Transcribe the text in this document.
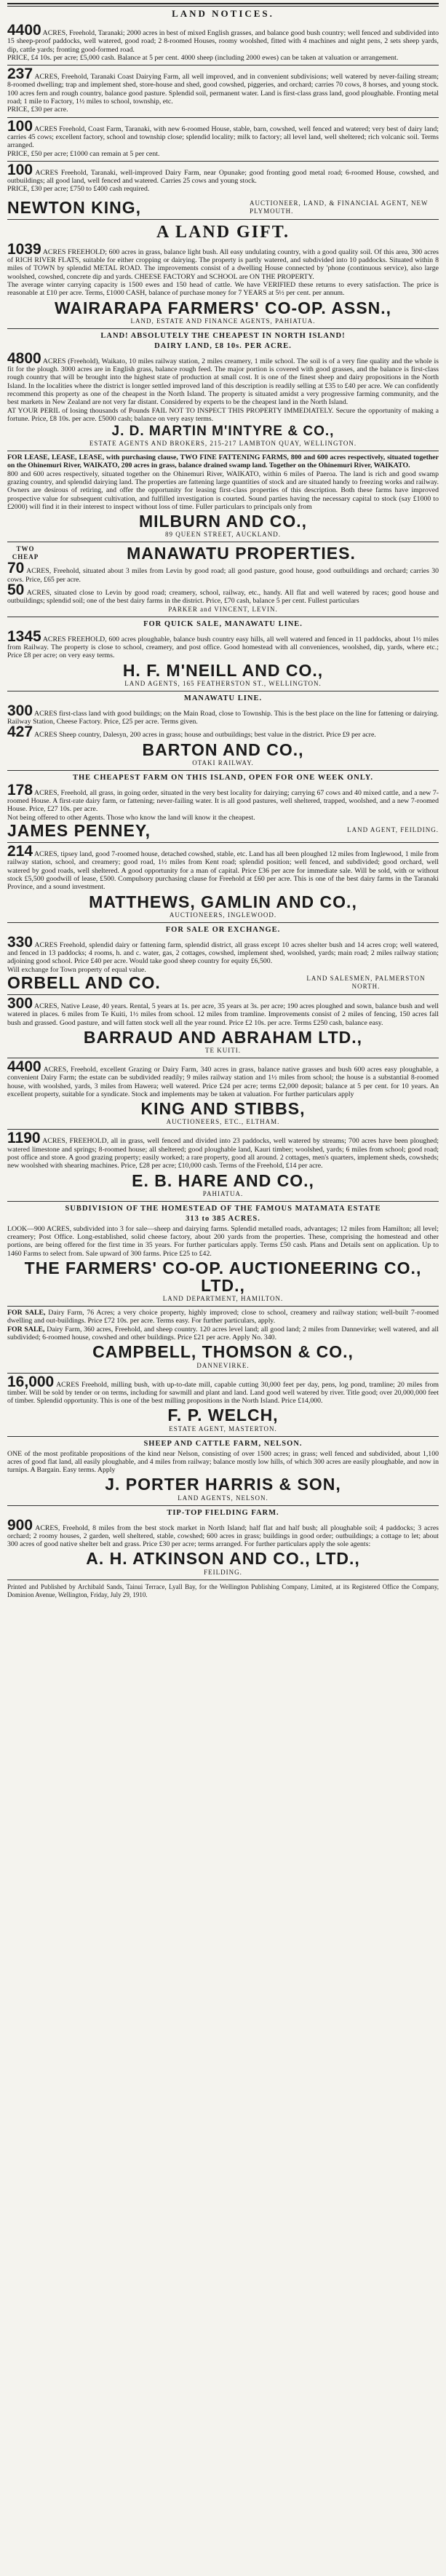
LAND NOTICES.

4400 ACRES, Freehold, Taranaki; 2000 acres in best of mixed English grasses, and balance good bush country; well fenced and subdivided into 15 sheep-proof paddocks, well watered, good road; 2 8-roomed Houses, roomy woolshed, fitted with 4 machines and night pens, 2 sets sheep yards, dip, cattle yards; fronting good-formed road.

PRICE, £4 10s. per acre; £5,000 cash. Balance at 5 per cent. 4000 sheep (including 2000 ewes) can be taken at valuation or arrangement.

237 ACRES, Freehold, Taranaki Coast Dairying Farm, all well improved, and in convenient subdivisions; well watered by never-failing stream; 8-roomed dwelling; trap and implement shed, store-house and shed, good cowshed, piggeries, and orchard; carries 70 cows, 8 horses, and young stock. 100 acres fern and rough country, balance good pasture. Splendid soil, permanent water. Land is first-class grass land, good ploughable. Fronting metal road; 1 mile to Factory, 1½ miles to school, township, etc.

PRICE, £30 per acre.

100 ACRES Freehold, Coast Farm, Taranaki, with new 6-roomed House, stable, barn, cowshed, well fenced and watered; very best of dairy land; carries 45 cows; excellent factory, school and township close; splendid locality; milk to factory; all level land, well sheltered; rich volcanic soil. Terms arranged.

PRICE, £50 per acre; £1000 can remain at 5 per cent.

100 ACRES Freehold, Taranaki, well-improved Dairy Farm, near Opunake; good fronting good metal road; 6-roomed House, cowshed, and outbuildings; all good land, well fenced and watered. Carries 25 cows and young stock.

PRICE, £30 per acre; £750 to £400 cash required.

NEWTON KING,	AUCTIONEER, LAND, & FINANCIAL AGENT, NEW PLYMOUTH.
A LAND GIFT.

1039 ACRES FREEHOLD; 600 acres in grass, balance light bush. All easy undulating country, with a good quality soil. Of this area, 300 acres of RICH RIVER FLATS, suitable for either cropping or dairying. The property is partly watered, and subdivided into 10 paddocks. Situated within 8 miles of TOWN by splendid METAL ROAD. The improvements consist of a dwelling House connected by 'phone (continuous service), also large woolshed, cowshed, concrete dip and yards. CHEESE FACTORY and SCHOOL are ON THE PROPERTY.

The average winter carrying capacity is 1500 ewes and 150 head of cattle. We have VERIFIED these returns to every satisfaction. The price is reasonable at £10 per acre. Terms, £1000 CASH, balance of purchase money for 7 YEARS at 5½ per cent. per annum.

WAIRARAPA FARMERS' CO-OP. ASSN.,
LAND, ESTATE AND FINANCE AGENTS, PAHIATUA.
LAND! ABSOLUTELY THE CHEAPEST IN NORTH ISLAND!
DAIRY LAND, £8 10s. PER ACRE.

4800 ACRES (Freehold), Waikato, 10 miles railway station, 2 miles creamery, 1 mile school. The soil is of a very fine quality and the whole is fit for the plough. 3000 acres are in English grass, balance rough feed. The major portion is covered with good grasses, and the balance is first-class rough country that will be brought into the highest state of production at small cost. It is one of the finest sheep and dairy propositions in the North Island. In the localities where the district is longer settled improved land of this description is readily selling at £35 to £40 per acre. We can confidently recommend this property as one of the cheapest in the North Island. The property is situated amidst a very progressive farming community, and the best markets in New Zealand are not very far distant. Considered by experts to be the cheapest land in the North Island.

AT YOUR PERIL of losing thousands of Pounds FAIL NOT TO INSPECT THIS PROPERTY IMMEDIATELY. Secure the opportunity of making a fortune. Price, £8 10s. per acre. £5000 cash; balance on very easy terms.

J. D. MARTIN M'INTYRE & CO.,
ESTATE AGENTS AND BROKERS, 215-217 LAMBTON QUAY, WELLINGTON.

FOR LEASE, LEASE, LEASE, with purchasing clause, TWO FINE FATTENING FARMS, 800 and 600 acres respectively, situated together on the Ohinemuri River, WAIKATO, 200 acres in grass, balance drained swamp land. Together on the Ohinemuri River, WAIKATO.

800 and 600 acres respectively, situated together on the Ohinemuri River, WAIKATO, within 6 miles of Paeroa. The land is rich and good swamp grazing country, and splendid dairying land. The properties are fattening large quantities of stock and are situated handy to freezing works and railway. Owners are desirous of retiring, and offer the opportunity for leasing first-class properties of this description. Both these farms have improved prospective value for subsequent cultivation, and fulfilled investigation is courted. Sound parties having the necessary capital to stock (say £1000 to £2000) will find it in their interest to inspect without loss of time. Fuller particulars to principals only from

MILBURN AND CO.,
89 QUEEN STREET, AUCKLAND.
TWO CHEAP	MANAWATU PROPERTIES.

70 ACRES, Freehold, situated about 3 miles from Levin by good road; all good pasture, good house, good outbuildings and orchard; carries 30 cows. Price, £65 per acre.

50 ACRES, situated close to Levin by good road; creamery, school, railway, etc., handy. All flat and well watered by races; good house and outbuildings; splendid soil; one of the best dairy farms in the district. Price, £70 cash, balance 5 per cent. Fullest particulars

PARKER and VINCENT, LEVIN.
FOR QUICK SALE, MANAWATU LINE.

1345 ACRES FREEHOLD, 600 acres ploughable, balance bush country easy hills, all well watered and fenced in 11 paddocks, about 1½ miles from Railway. The property is close to school, creamery, and post office. Good homestead with all conveniences, woolshed, dip, yards, where etc.; Price £8 per acre; on very easy terms.

H. F. M'NEILL AND CO.,
LAND AGENTS, 165 FEATHERSTON ST., WELLINGTON.
MANAWATU LINE.

300 ACRES first-class land with good buildings; on the Main Road, close to Township. This is the best place on the line for fattening or dairying. Railway Station, Cheese Factory. Price, £25 per acre. Terms given.

427 ACRES Sheep country, Dalesyn, 200 acres in grass; house and outbuildings; best value in the district. Price £9 per acre.

BARTON AND CO.,
OTAKI RAILWAY.
THE CHEAPEST FARM ON THIS ISLAND, OPEN FOR ONE WEEK ONLY.

178 ACRES, Freehold, all grass, in going order, situated in the very best locality for dairying; carrying 67 cows and 40 mixed cattle, and a new 7-roomed House. A first-rate dairy farm, or fattening; never-failing water. It is all good pastures, well sheltered, trapped, woolshed, and a new 7-roomed House. Price, £27 10s. per acre.

Not being offered to other Agents. Those who know the land will know it the cheapest.

JAMES PENNEY,	LAND AGENT, FEILDING.

214 ACRES, tipsey land, good 7-roomed house, detached cowshed, stable, etc. Land has all been ploughed 12 miles from Inglewood, 1 mile from railway station, school, and creamery; good road, 1½ miles from Kent road; splendid position; well fenced, and subdivided; good orchard, well watered by good roads, well sheltered. A good opportunity for a man of capital. Price £36 per acre for immediate sale. Will be sold, with or without stock £5,500 goodwill of lease, £500. Compulsory purchasing clause for Freehold at £60 per acre. This is one of the best dairy farms in the Taranaki Province, and a sound investment.

MATTHEWS, GAMLIN AND CO.,
AUCTIONEERS, INGLEWOOD.
FOR SALE OR EXCHANGE.

330 ACRES Freehold, splendid dairy or fattening farm, splendid district, all grass except 10 acres shelter bush and 14 acres crop; well watered, and fenced in 13 paddocks; 4 rooms, h. and c. water, gas, 2 cottages, cowshed, implement shed, woolshed, yards; main road; 2 miles railway station; adjoining good school. Price £40 per acre. Would take good sheep country for equity £6,500.

Will exchange for Town property of equal value.

ORBELL AND CO.	LAND SALESMEN, PALMERSTON NORTH.

300 ACRES, Native Lease, 40 years. Rental, 5 years at 1s. per acre, 35 years at 3s. per acre; 190 acres ploughed and sown, balance bush and well watered in places. 6 miles from Te Kuiti, 1½ miles from school. 12 miles from tramline. Improvements consist of 2 miles of fencing, 150 acres fall bush and grassed. Good pasture, and will fatten stock well all the year round. Price £2 10s. per acre. Terms £250 cash, balance easy.

BARRAUD AND ABRAHAM LTD.,
TE KUITI.

4400 ACRES, Freehold, excellent Grazing or Dairy Farm, 340 acres in grass, balance native grasses and bush 600 acres easy ploughable, a convenient Dairy Farm; the estate can be subdivided readily; 9 miles railway station and 1½ miles from school; the house is a substantial 8-roomed house, with woolshed, yards, 3 miles from Hawera; well watered. Price £24 per acre; terms £2,000 deposit; balance at 5 per cent. for 10 years. An excellent property, suitable for a syndicate. Stock and implements may be taken at valuation. For further particulars apply

KING AND STIBBS,
AUCTIONEERS, ETC., ELTHAM.

1190 ACRES, FREEHOLD, all in grass, well fenced and divided into 23 paddocks, well watered by streams; 700 acres have been ploughed; watered limestone and springs; 8-roomed house; all sheltered; good ploughable land, Kauri timber; woolshed, yards; 6 miles from school; good road; post office and store. A good grazing property; easily worked; a rare property, good all around. 2 cottages, men's quarters, implement sheds, cowsheds; new woolshed with shearing machines. Price, £28 per acre; £10,000 cash. Terms of the Freehold, £14 per acre.

E. B. HARE AND CO.,
PAHIATUA.
SUBDIVISION OF THE HOMESTEAD OF THE FAMOUS MATAMATA ESTATE
313 to 385 ACRES.

LOOK—900 ACRES, subdivided into 3 for sale—sheep and dairying farms. Splendid metalled roads, advantages; 12 miles from Hamilton; all level; creamery; Post Office. Long-established, solid cheese factory, about 200 yards from the properties. These, comprising the homestead and other portions, are being offered for the first time in 35 years. For further particulars apply. Terms £50 cash. Plans and Details sent on application. Up to 1460 Farms to select from. Sale upward of 300 farms. Price £25 to £42.

THE FARMERS' CO-OP. AUCTIONEERING CO., LTD.,
LAND DEPARTMENT, HAMILTON.

FOR SALE, Dairy Farm, 76 Acres; a very choice property, highly improved; close to school, creamery and railway station; well-built 7-roomed dwelling and out-buildings. Price £72 10s. per acre. Terms easy. For further particulars, apply.

FOR SALE, Dairy Farm, 360 acres, Freehold, and sheep country. 120 acres level land; all good land; 2 miles from Dannevirke; well watered, and all subdivided; 6-roomed house, cowshed and other buildings. Price £21 per acre. Apply No. 340.

CAMPBELL, THOMSON & CO.,
DANNEVIRKE.

16,000 ACRES Freehold, milling bush, with up-to-date mill, capable cutting 30,000 feet per day, pens, log pond, tramline; 20 miles from timber. Will be sold by tender or on terms, including for sawmill and plant and land. Land good well watered by river. Title good; over 20,000,000 feet of timber. Splendid opportunity. This is one of the best milling propositions in the North Island. Price £14,000.

F. P. WELCH,
ESTATE AGENT, MASTERTON.
SHEEP AND CATTLE FARM, NELSON.

ONE of the most profitable propositions of the kind near Nelson, consisting of over 1500 acres; in grass; well fenced and subdivided, about 1,100 acres of good flat land, all easily ploughable, and 4 miles from railway; balance mostly low hills, of which 300 acres are easily ploughable, and now in turnips. A Bargain. Easy terms. Apply

J. PORTER HARRIS & SON,
LAND AGENTS, NELSON.
TIP-TOP FIELDING FARM.

900 ACRES, Freehold, 8 miles from the best stock market in North Island; half flat and half bush; all ploughable soil; 4 paddocks; 3 acres orchard; 2 roomy houses, 2 garden, well sheltered, stable, cowshed; 600 acres in grass; buildings in good order; outbuildings; a cottage to let; about 300 acres of good native shelter belt and grass. Price £30 per acre; terms arranged. For further particulars apply the sole agents:

A. H. ATKINSON AND CO., LTD.,
FEILDING.

Printed and Published by Archibald Sands, Tainui Terrace, Lyall Bay, for the Wellington Publishing Company, Limited, at its Registered Office the Company, Dominion Avenue, Wellington, Friday, July 29, 1910.
